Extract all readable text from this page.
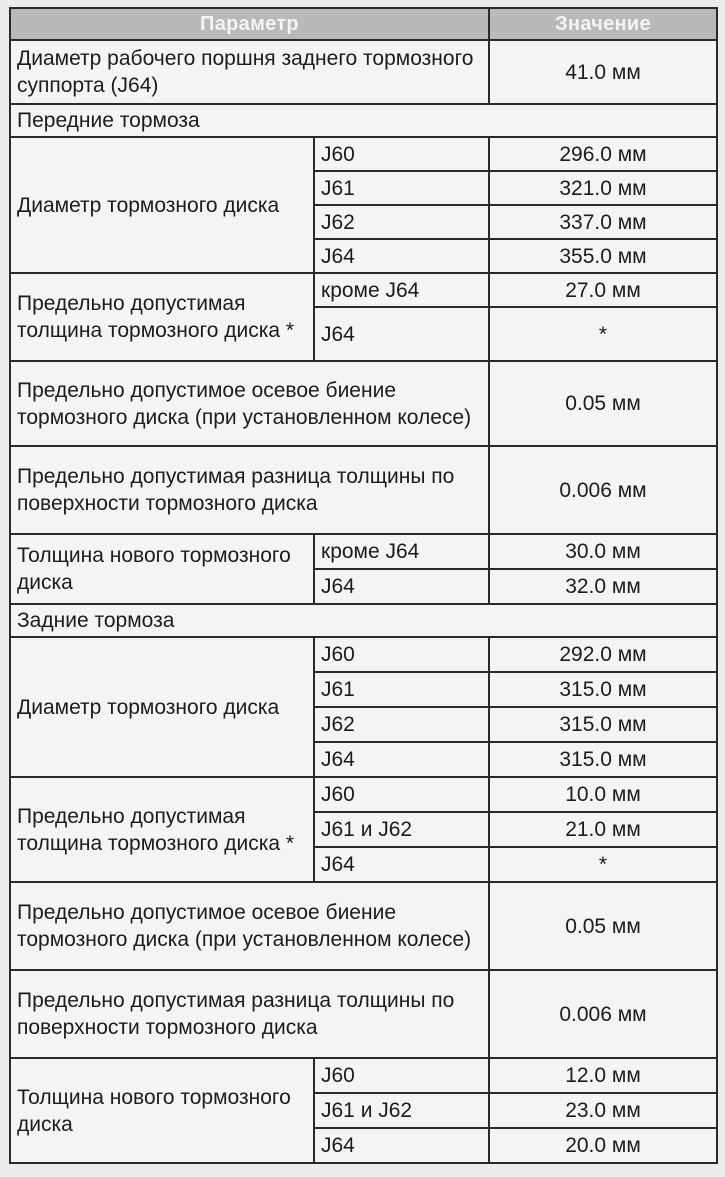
Параметр		Значение
Диаметр рабочего поршня заднего тормозного суппорта (J64)		41.0 мм
Передние тормоза		
Диаметр тормозного диска	J60	296.0 мм
	J61	321.0 мм
	J62	337.0 мм
	J64	355.0 мм
Предельно допустимая толщина тормозного диска *	кроме J64	27.0 мм
	J64	*
Предельно допустимое осевое биение тормозного диска (при установленном колесе)		0.05 мм
Предельно допустимая разница толщины по поверхности тормозного диска		0.006 мм
Толщина нового тормозного диска	кроме J64	30.0 мм
	J64	32.0 мм
Задние тормоза		
Диаметр тормозного диска	J60	292.0 мм
	J61	315.0 мм
	J62	315.0 мм
	J64	315.0 мм
Предельно допустимая толщина тормозного диска *	J60	10.0 мм
	J61 и J62	21.0 мм
	J64	*
Предельно допустимое осевое биение тормозного диска (при установленном колесе)		0.05 мм
Предельно допустимая разница толщины по поверхности тормозного диска		0.006 мм
Толщина нового тормозного диска	J60	12.0 мм
	J61 и J62	23.0 мм
	J64	20.0 мм
